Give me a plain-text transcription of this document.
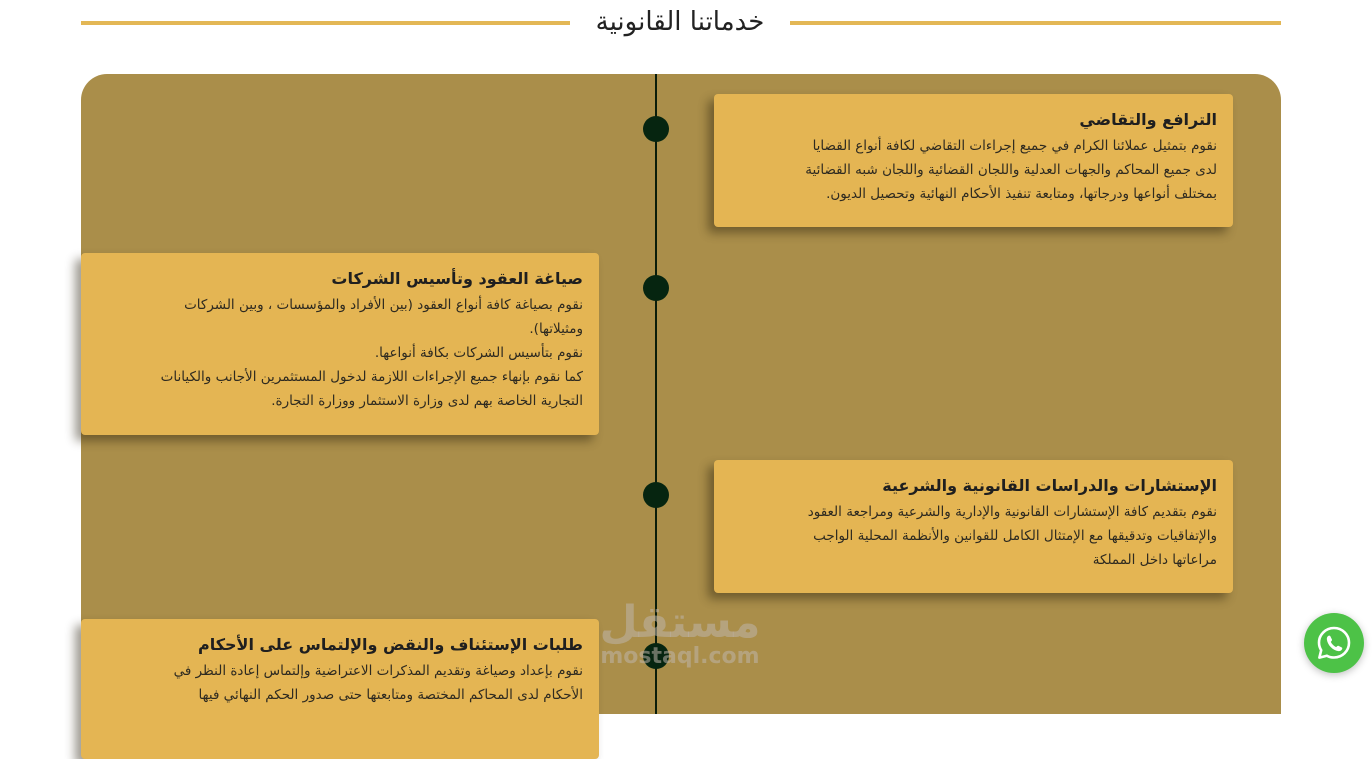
خدماتنا القانونية
الترافع والتقاضي
نقوم بتمثيل عملائنا الكرام في جميع إجراءات التقاضي لكافة أنواع القضايا
لدى جميع المحاكم والجهات العدلية واللجان القضائية واللجان شبه القضائية
بمختلف أنواعها ودرجاتها، ومتابعة تنفيذ الأحكام النهائية وتحصيل الديون.
صياغة العقود وتأسيس الشركات
نقوم بصياغة كافة أنواع العقود (بين الأفراد والمؤسسات ، وبين الشركات
ومثيلاتها).
نقوم بتأسيس الشركات بكافة أنواعها.
كما نقوم بإنهاء جميع الإجراءات اللازمة لدخول المستثمرين الأجانب والكيانات
التجارية الخاصة بهم لدى وزارة الاستثمار ووزارة التجارة.
الإستشارات والدراسات القانونية والشرعية
نقوم بتقديم كافة الإستشارات القانونية والإدارية والشرعية ومراجعة العقود
والإتفاقيات وتدقيقها مع الإمتثال الكامل للقوانين والأنظمة المحلية الواجب
مراعاتها داخل المملكة
طلبات الإستئناف والنقض والإلتماس على الأحكام
نقوم بإعداد وصياغة وتقديم المذكرات الاعتراضية وإلتماس إعادة النظر في
الأحكام لدى المحاكم المختصة ومتابعتها حتى صدور الحكم النهائي فيها
مستقل
mostaql.com
